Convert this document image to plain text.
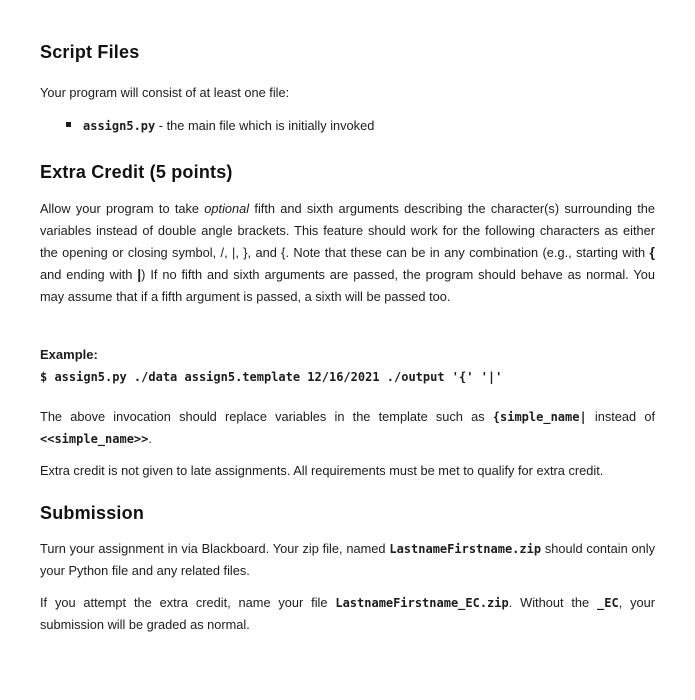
Script Files

Your program will consist of at least one file:

assign5.py - the main file which is initially invoked
Extra Credit (5 points)

Allow your program to take optional fifth and sixth arguments describing the character(s) surrounding the variables instead of double angle brackets. This feature should work for the following characters as either the opening or closing symbol, /, |, }, and {. Note that these can be in any combination (e.g., starting with { and ending with |) If no fifth and sixth arguments are passed, the program should behave as normal. You may assume that if a fifth argument is passed, a sixth will be passed too.

Example:
$ assign5.py ./data assign5.template 12/16/2021 ./output '{' '|'

The above invocation should replace variables in the template such as {simple_name| instead of <<simple_name>>.

Extra credit is not given to late assignments. All requirements must be met to qualify for extra credit.

Submission

Turn your assignment in via Blackboard. Your zip file, named LastnameFirstname.zip should contain only your Python file and any related files.

If you attempt the extra credit, name your file LastnameFirstname_EC.zip. Without the _EC, your submission will be graded as normal.
